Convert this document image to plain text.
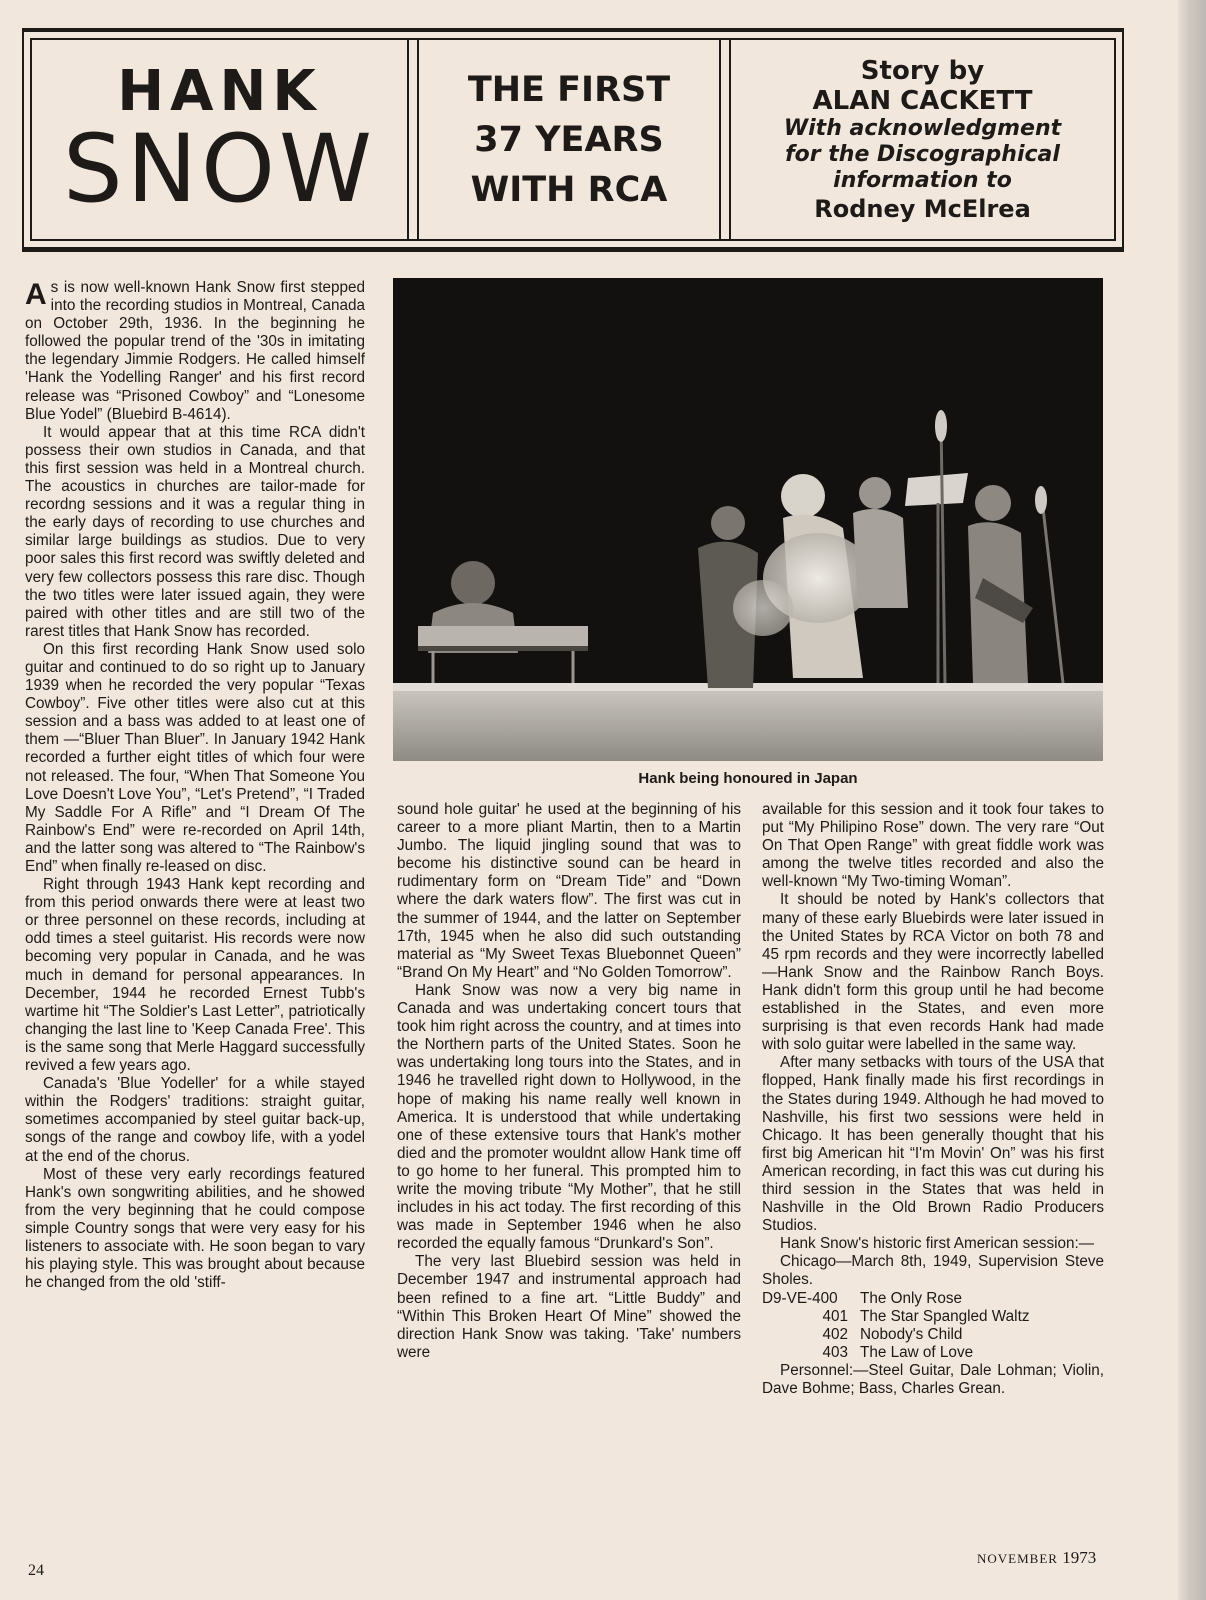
HANK
SNOW
THE FIRST
37 YEARS
WITH RCA
Story by
ALAN CACKETT
With acknowledgment
for the Discographical
information to
Rodney McElrea
Hank being honoured in Japan

As is now well-known Hank Snow first stepped into the recording studios in Montreal, Canada on October 29th, 1936. In the beginning he followed the popular trend of the '30s in imitating the legendary Jimmie Rodgers. He called himself 'Hank the Yodelling Ranger' and his first record release was “Prisoned Cowboy” and “Lonesome Blue Yodel” (Bluebird B-4614).

It would appear that at this time RCA didn't possess their own studios in Canada, and that this first session was held in a Montreal church. The acoustics in churches are tailor-made for recordng sessions and it was a regular thing in the early days of recording to use churches and similar large buildings as studios. Due to very poor sales this first record was swiftly deleted and very few collectors possess this rare disc. Though the two titles were later issued again, they were paired with other titles and are still two of the rarest titles that Hank Snow has recorded.

On this first recording Hank Snow used solo guitar and continued to do so right up to January 1939 when he recorded the very popular “Texas Cowboy”. Five other titles were also cut at this session and a bass was added to at least one of them —“Bluer Than Bluer”. In January 1942 Hank recorded a further eight titles of which four were not released. The four, “When That Someone You Love Doesn't Love You”, “Let's Pretend”, “I Traded My Saddle For A Rifle” and “I Dream Of The Rainbow's End” were re-recorded on April 14th, and the latter song was altered to “The Rainbow's End” when finally re-leased on disc.

Right through 1943 Hank kept recording and from this period onwards there were at least two or three personnel on these records, including at odd times a steel guitarist. His records were now becoming very popular in Canada, and he was much in demand for personal appearances. In December, 1944 he recorded Ernest Tubb's wartime hit “The Soldier's Last Letter”, patriotically changing the last line to 'Keep Canada Free'. This is the same song that Merle Haggard successfully revived a few years ago.

Canada's 'Blue Yodeller' for a while stayed within the Rodgers' traditions: straight guitar, sometimes accompanied by steel guitar back-up, songs of the range and cowboy life, with a yodel at the end of the chorus.

Most of these very early recordings featured Hank's own songwriting abilities, and he showed from the very beginning that he could compose simple Country songs that were very easy for his listeners to associate with. He soon began to vary his playing style. This was brought about because he changed from the old 'stiff-

sound hole guitar' he used at the beginning of his career to a more pliant Martin, then to a Martin Jumbo. The liquid jingling sound that was to become his distinctive sound can be heard in rudimentary form on “Dream Tide” and “Down where the dark waters flow”. The first was cut in the summer of 1944, and the latter on September 17th, 1945 when he also did such outstanding material as “My Sweet Texas Bluebonnet Queen” “Brand On My Heart” and “No Golden Tomorrow”.

Hank Snow was now a very big name in Canada and was undertaking concert tours that took him right across the country, and at times into the Northern parts of the United States. Soon he was undertaking long tours into the States, and in 1946 he travelled right down to Hollywood, in the hope of making his name really well known in America. It is understood that while undertaking one of these extensive tours that Hank's mother died and the promoter wouldnt allow Hank time off to go home to her funeral. This prompted him to write the moving tribute “My Mother”, that he still includes in his act today. The first recording of this was made in September 1946 when he also recorded the equally famous “Drunkard's Son”.

The very last Bluebird session was held in December 1947 and instrumental approach had been refined to a fine art. “Little Buddy” and “Within This Broken Heart Of Mine” showed the direction Hank Snow was taking. 'Take' numbers were

available for this session and it took four takes to put “My Philipino Rose” down. The very rare “Out On That Open Range” with great fiddle work was among the twelve titles recorded and also the well-known “My Two-timing Woman”.

It should be noted by Hank's collectors that many of these early Bluebirds were later issued in the United States by RCA Victor on both 78 and 45 rpm records and they were incorrectly labelled—Hank Snow and the Rainbow Ranch Boys. Hank didn't form this group until he had become established in the States, and even more surprising is that even records Hank had made with solo guitar were labelled in the same way.

After many setbacks with tours of the USA that flopped, Hank finally made his first recordings in the States during 1949. Although he had moved to Nashville, his first two sessions were held in Chicago. It has been generally thought that his first big American hit “I'm Movin' On” was his first American recording, in fact this was cut during his third session in the States that was held in Nashville in the Old Brown Radio Producers Studios.

Hank Snow's historic first American session:—

Chicago—March 8th, 1949, Supervision Steve Sholes.

D9-VE-400	The Only Rose
401 The Star Spangled Waltz
402 Nobody's Child
403 The Law of Love

Personnel:—Steel Guitar, Dale Lohman; Violin, Dave Bohme; Bass, Charles Grean.

24
NOVEMBER 1973
